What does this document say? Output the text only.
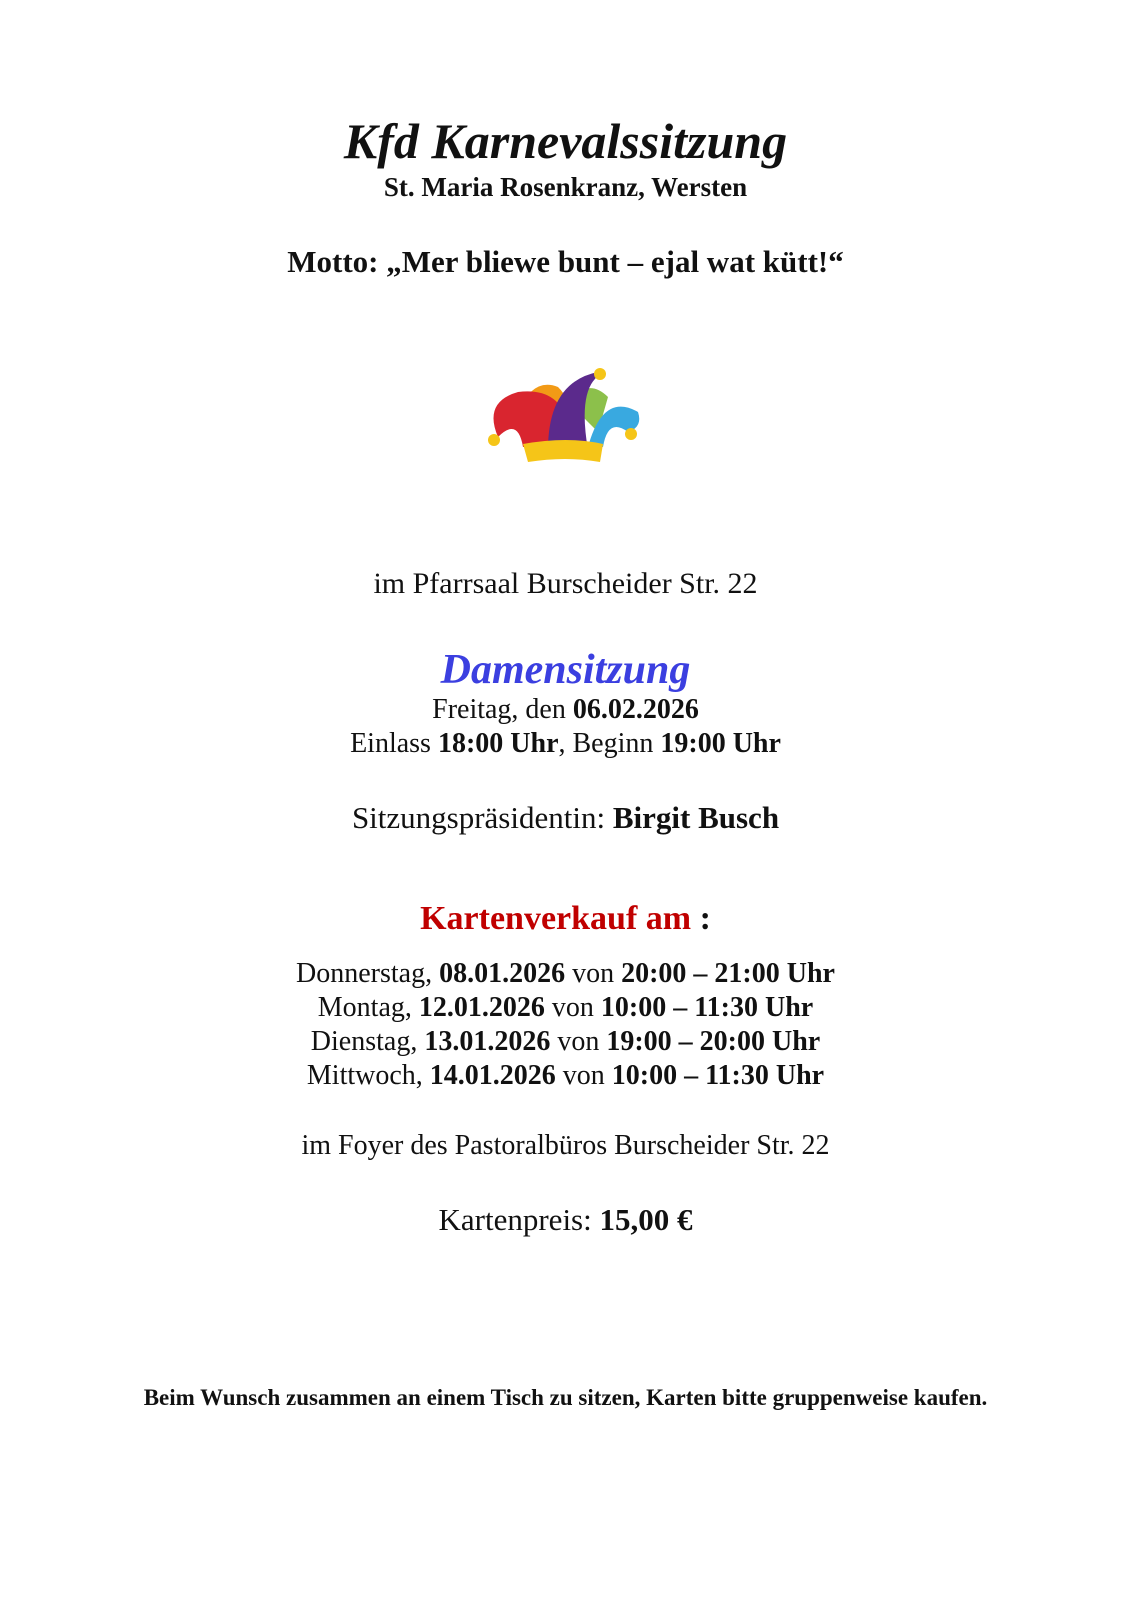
Kfd Karnevalssitzung
St. Maria Rosenkranz, Wersten
Motto: „Mer bliewe bunt – ejal wat kütt!“
im Pfarrsaal Burscheider Str. 22
Damensitzung
Freitag, den 06.02.2026
Einlass 18:00 Uhr, Beginn 19:00 Uhr
Sitzungspräsidentin: Birgit Busch
Kartenverkauf am :
Donnerstag, 08.01.2026 von 20:00 – 21:00 Uhr
Montag, 12.01.2026 von 10:00 – 11:30 Uhr
Dienstag, 13.01.2026 von 19:00 – 20:00 Uhr
Mittwoch, 14.01.2026 von 10:00 – 11:30 Uhr
im Foyer des Pastoralbüros Burscheider Str. 22
Kartenpreis: 15,00 €
Beim Wunsch zusammen an einem Tisch zu sitzen, Karten bitte gruppenweise kaufen.
